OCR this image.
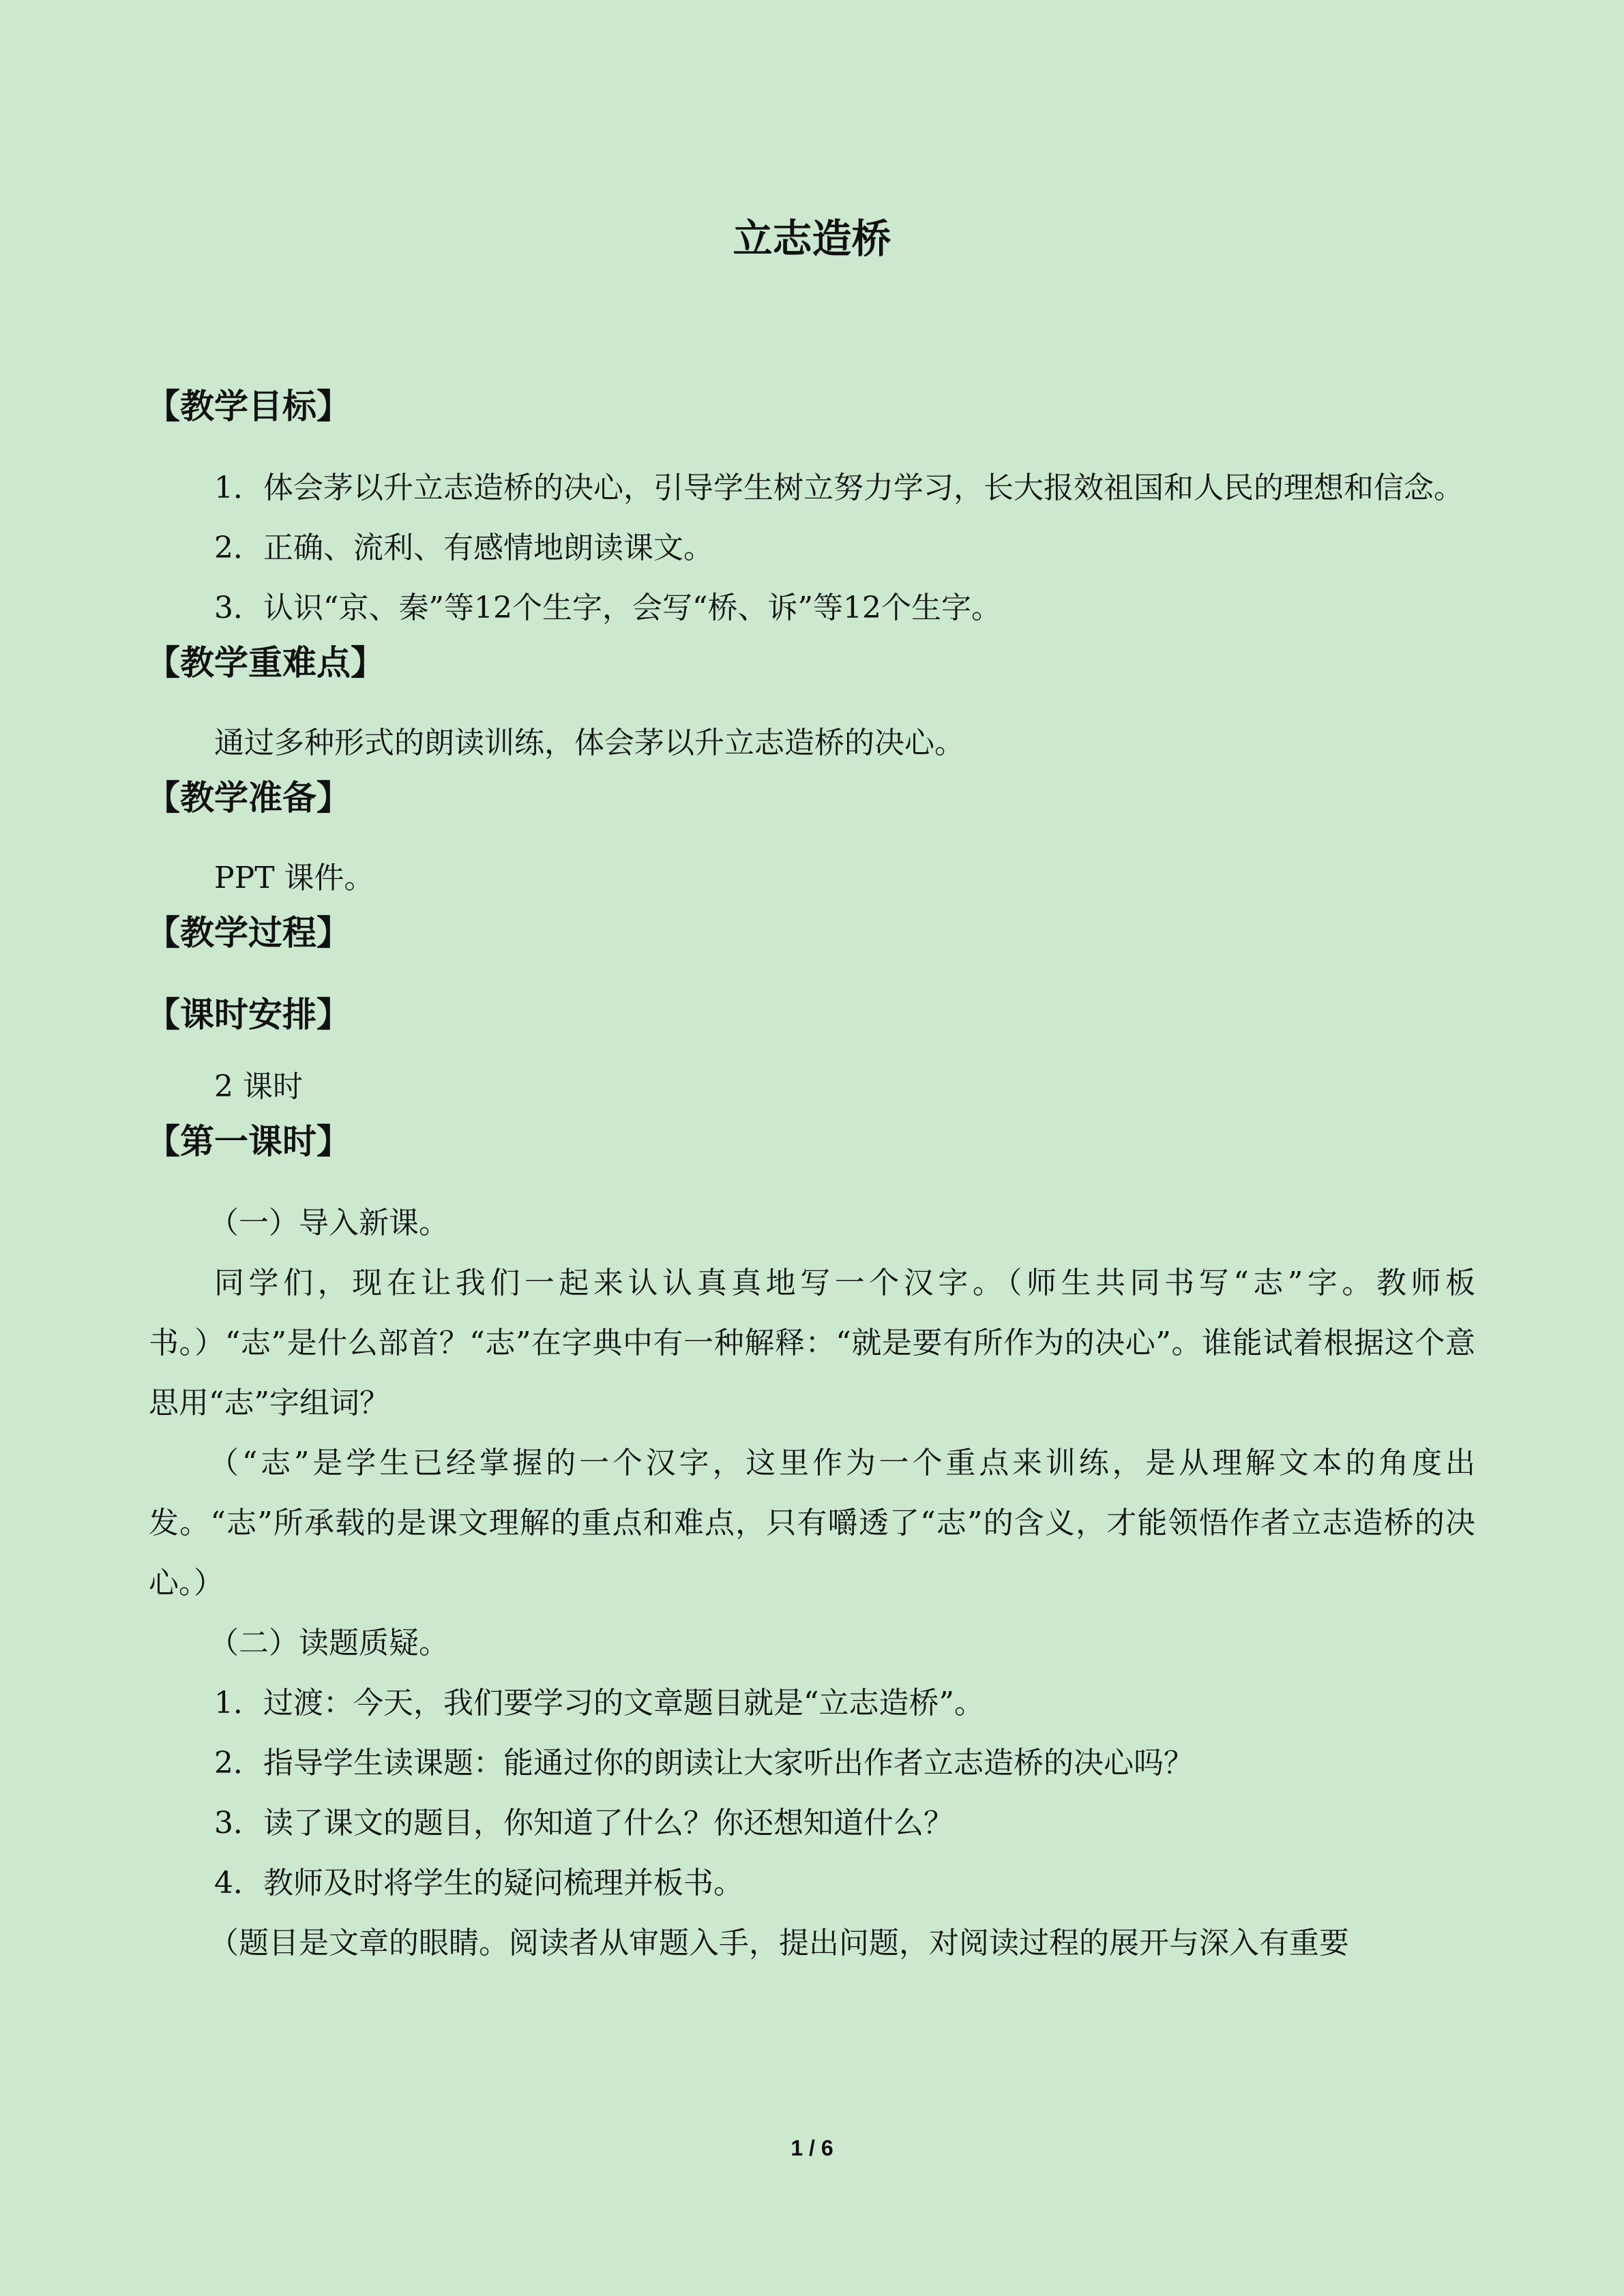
立志造桥
【教学目标】

1．体会茅以升立志造桥的决心，引导学生树立努力学习，长大报效祖国和人民的理想和信念。

2．正确、流利、有感情地朗读课文。

3．认识“京、秦”等12个生字，会写“桥、诉”等12个生字。

【教学重难点】

通过多种形式的朗读训练，体会茅以升立志造桥的决心。

【教学准备】

PPT 课件。

【教学过程】
【课时安排】

2 课时

【第一课时】

（一）导入新课。

同学们，现在让我们一起来认认真真地写一个汉字。（师生共同书写“志”字。教师板书。）“志”是什么部首？“志”在字典中有一种解释：“就是要有所作为的决心”。谁能试着根据这个意思用“志”字组词？

（“志”是学生已经掌握的一个汉字，这里作为一个重点来训练，是从理解文本的角度出发。“志”所承载的是课文理解的重点和难点，只有嚼透了“志”的含义，才能领悟作者立志造桥的决心。）

（二）读题质疑。

1．过渡：今天，我们要学习的文章题目就是“立志造桥”。

2．指导学生读课题：能通过你的朗读让大家听出作者立志造桥的决心吗？

3．读了课文的题目，你知道了什么？你还想知道什么？

4．教师及时将学生的疑问梳理并板书。

（题目是文章的眼睛。阅读者从审题入手，提出问题，对阅读过程的展开与深入有重要

1 / 6
